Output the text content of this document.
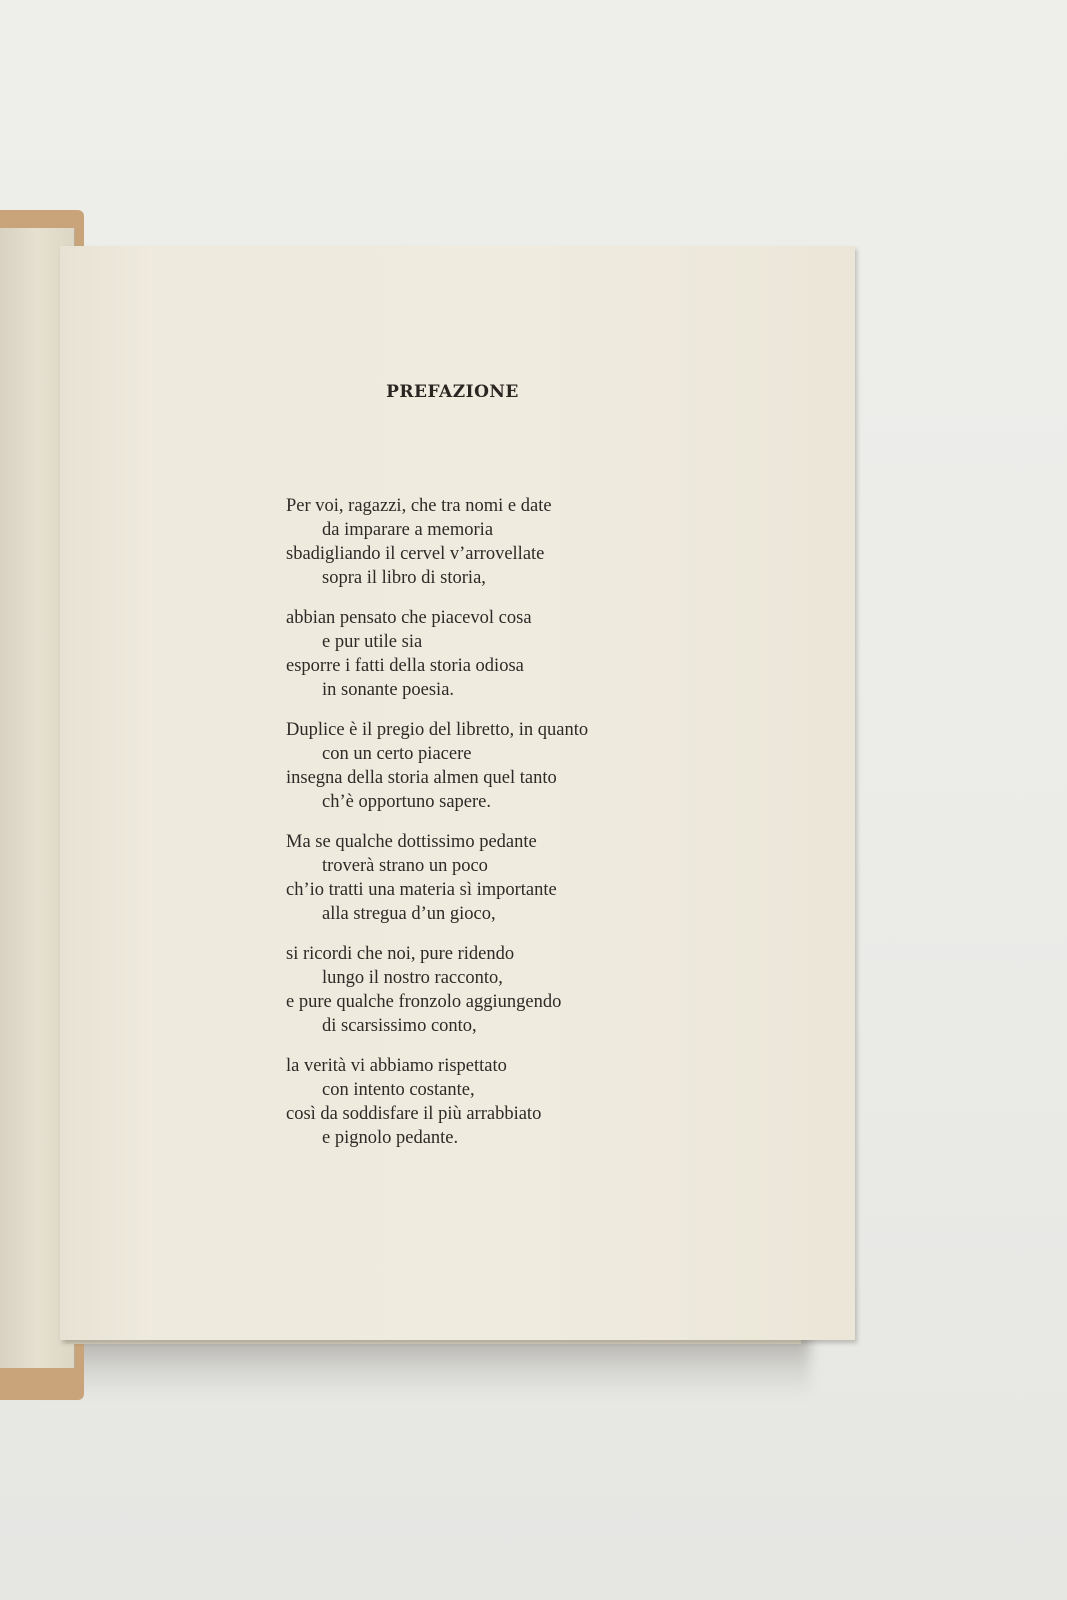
PREFAZIONE
Per voi, ragazzi, che tra nomi e date
da imparare a memoria
sbadigliando il cervel v’arrovellate
sopra il libro di storia,
abbian pensato che piacevol cosa
e pur utile sia
esporre i fatti della storia odiosa
in sonante poesia.
Duplice è il pregio del libretto, in quanto
con un certo piacere
insegna della storia almen quel tanto
ch’è opportuno sapere.
Ma se qualche dottissimo pedante
troverà strano un poco
ch’io tratti una materia sì importante
alla stregua d’un gioco,
si ricordi che noi, pure ridendo
lungo il nostro racconto,
e pure qualche fronzolo aggiungendo
di scarsissimo conto,
la verità vi abbiamo rispettato
con intento costante,
così da soddisfare il più arrabbiato
e pignolo pedante.
